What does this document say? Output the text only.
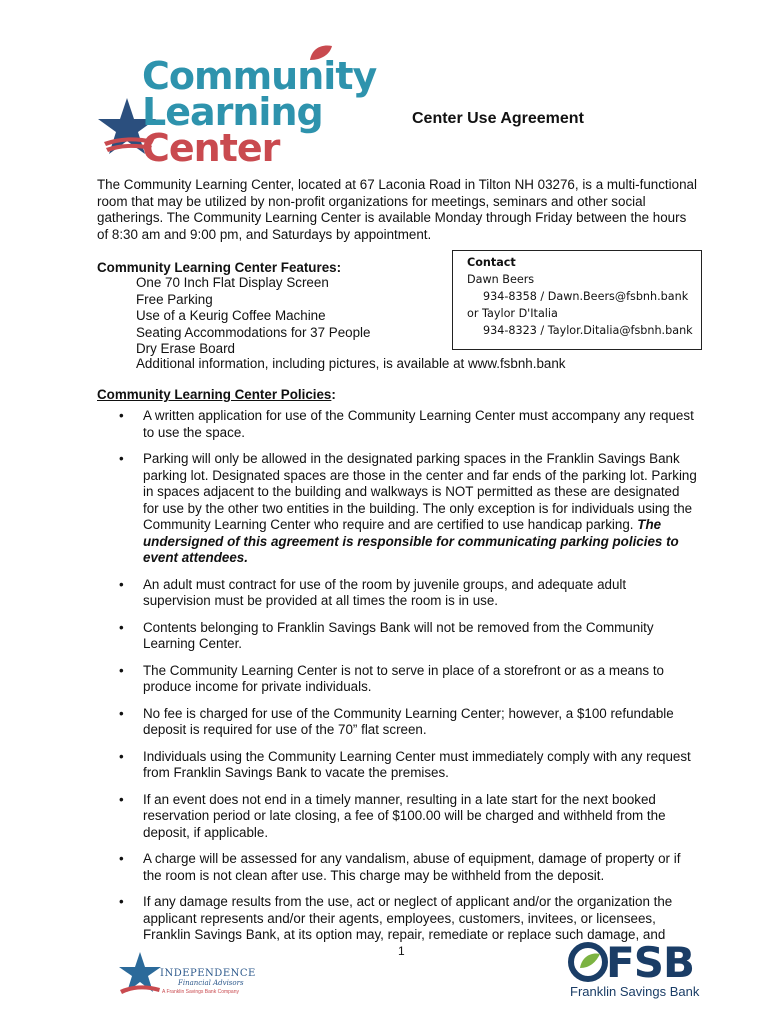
Community
Learning
Center
Center Use Agreement
The Community Learning Center, located at 67 Laconia Road in Tilton NH 03276, is a multi-functional room that may be utilized by non-profit organizations for meetings, seminars and other social gatherings. The Community Learning Center is available Monday through Friday between the hours of 8:30 am and 9:00 pm, and Saturdays by appointment.
Community Learning Center Features:
One 70 Inch Flat Display Screen
Free Parking
Use of a Keurig Coffee Machine
Seating Accommodations for 37 People
Dry Erase Board
Additional information, including pictures, is available at www.fsbnh.bank
Contact
Dawn Beers
934-8358 / Dawn.Beers@fsbnh.bank
or Taylor D'Italia
934-8323 / Taylor.Ditalia@fsbnh.bank
Community Learning Center Policies:
• A written application for use of the Community Learning Center must accompany any request to use the space.
• Parking will only be allowed in the designated parking spaces in the Franklin Savings Bank parking lot. Designated spaces are those in the center and far ends of the parking lot. Parking in spaces adjacent to the building and walkways is NOT permitted as these are designated for use by the other two entities in the building. The only exception is for individuals using the Community Learning Center who require and are certified to use handicap parking. The undersigned of this agreement is responsible for communicating parking policies to event attendees.
• An adult must contract for use of the room by juvenile groups, and adequate adult supervision must be provided at all times the room is in use.
• Contents belonging to Franklin Savings Bank will not be removed from the Community Learning Center.
• The Community Learning Center is not to serve in place of a storefront or as a means to produce income for private individuals.
• No fee is charged for use of the Community Learning Center; however, a $100 refundable deposit is required for use of the 70” flat screen.
• Individuals using the Community Learning Center must immediately comply with any request from Franklin Savings Bank to vacate the premises.
• If an event does not end in a timely manner, resulting in a late start for the next booked reservation period or late closing, a fee of $100.00 will be charged and withheld from the deposit, if applicable.
• A charge will be assessed for any vandalism, abuse of equipment, damage of property or if the room is not clean after use. This charge may be withheld from the deposit.
• If any damage results from the use, act or neglect of applicant and/or the organization the applicant represents and/or their agents, employees, customers, invitees, or licensees, Franklin Savings Bank, at its option may, repair, remediate or replace such damage, and
1
INDEPENDENCE
Financial Advisors
A Franklin Savings Bank Company
FSB
Franklin Savings Bank
